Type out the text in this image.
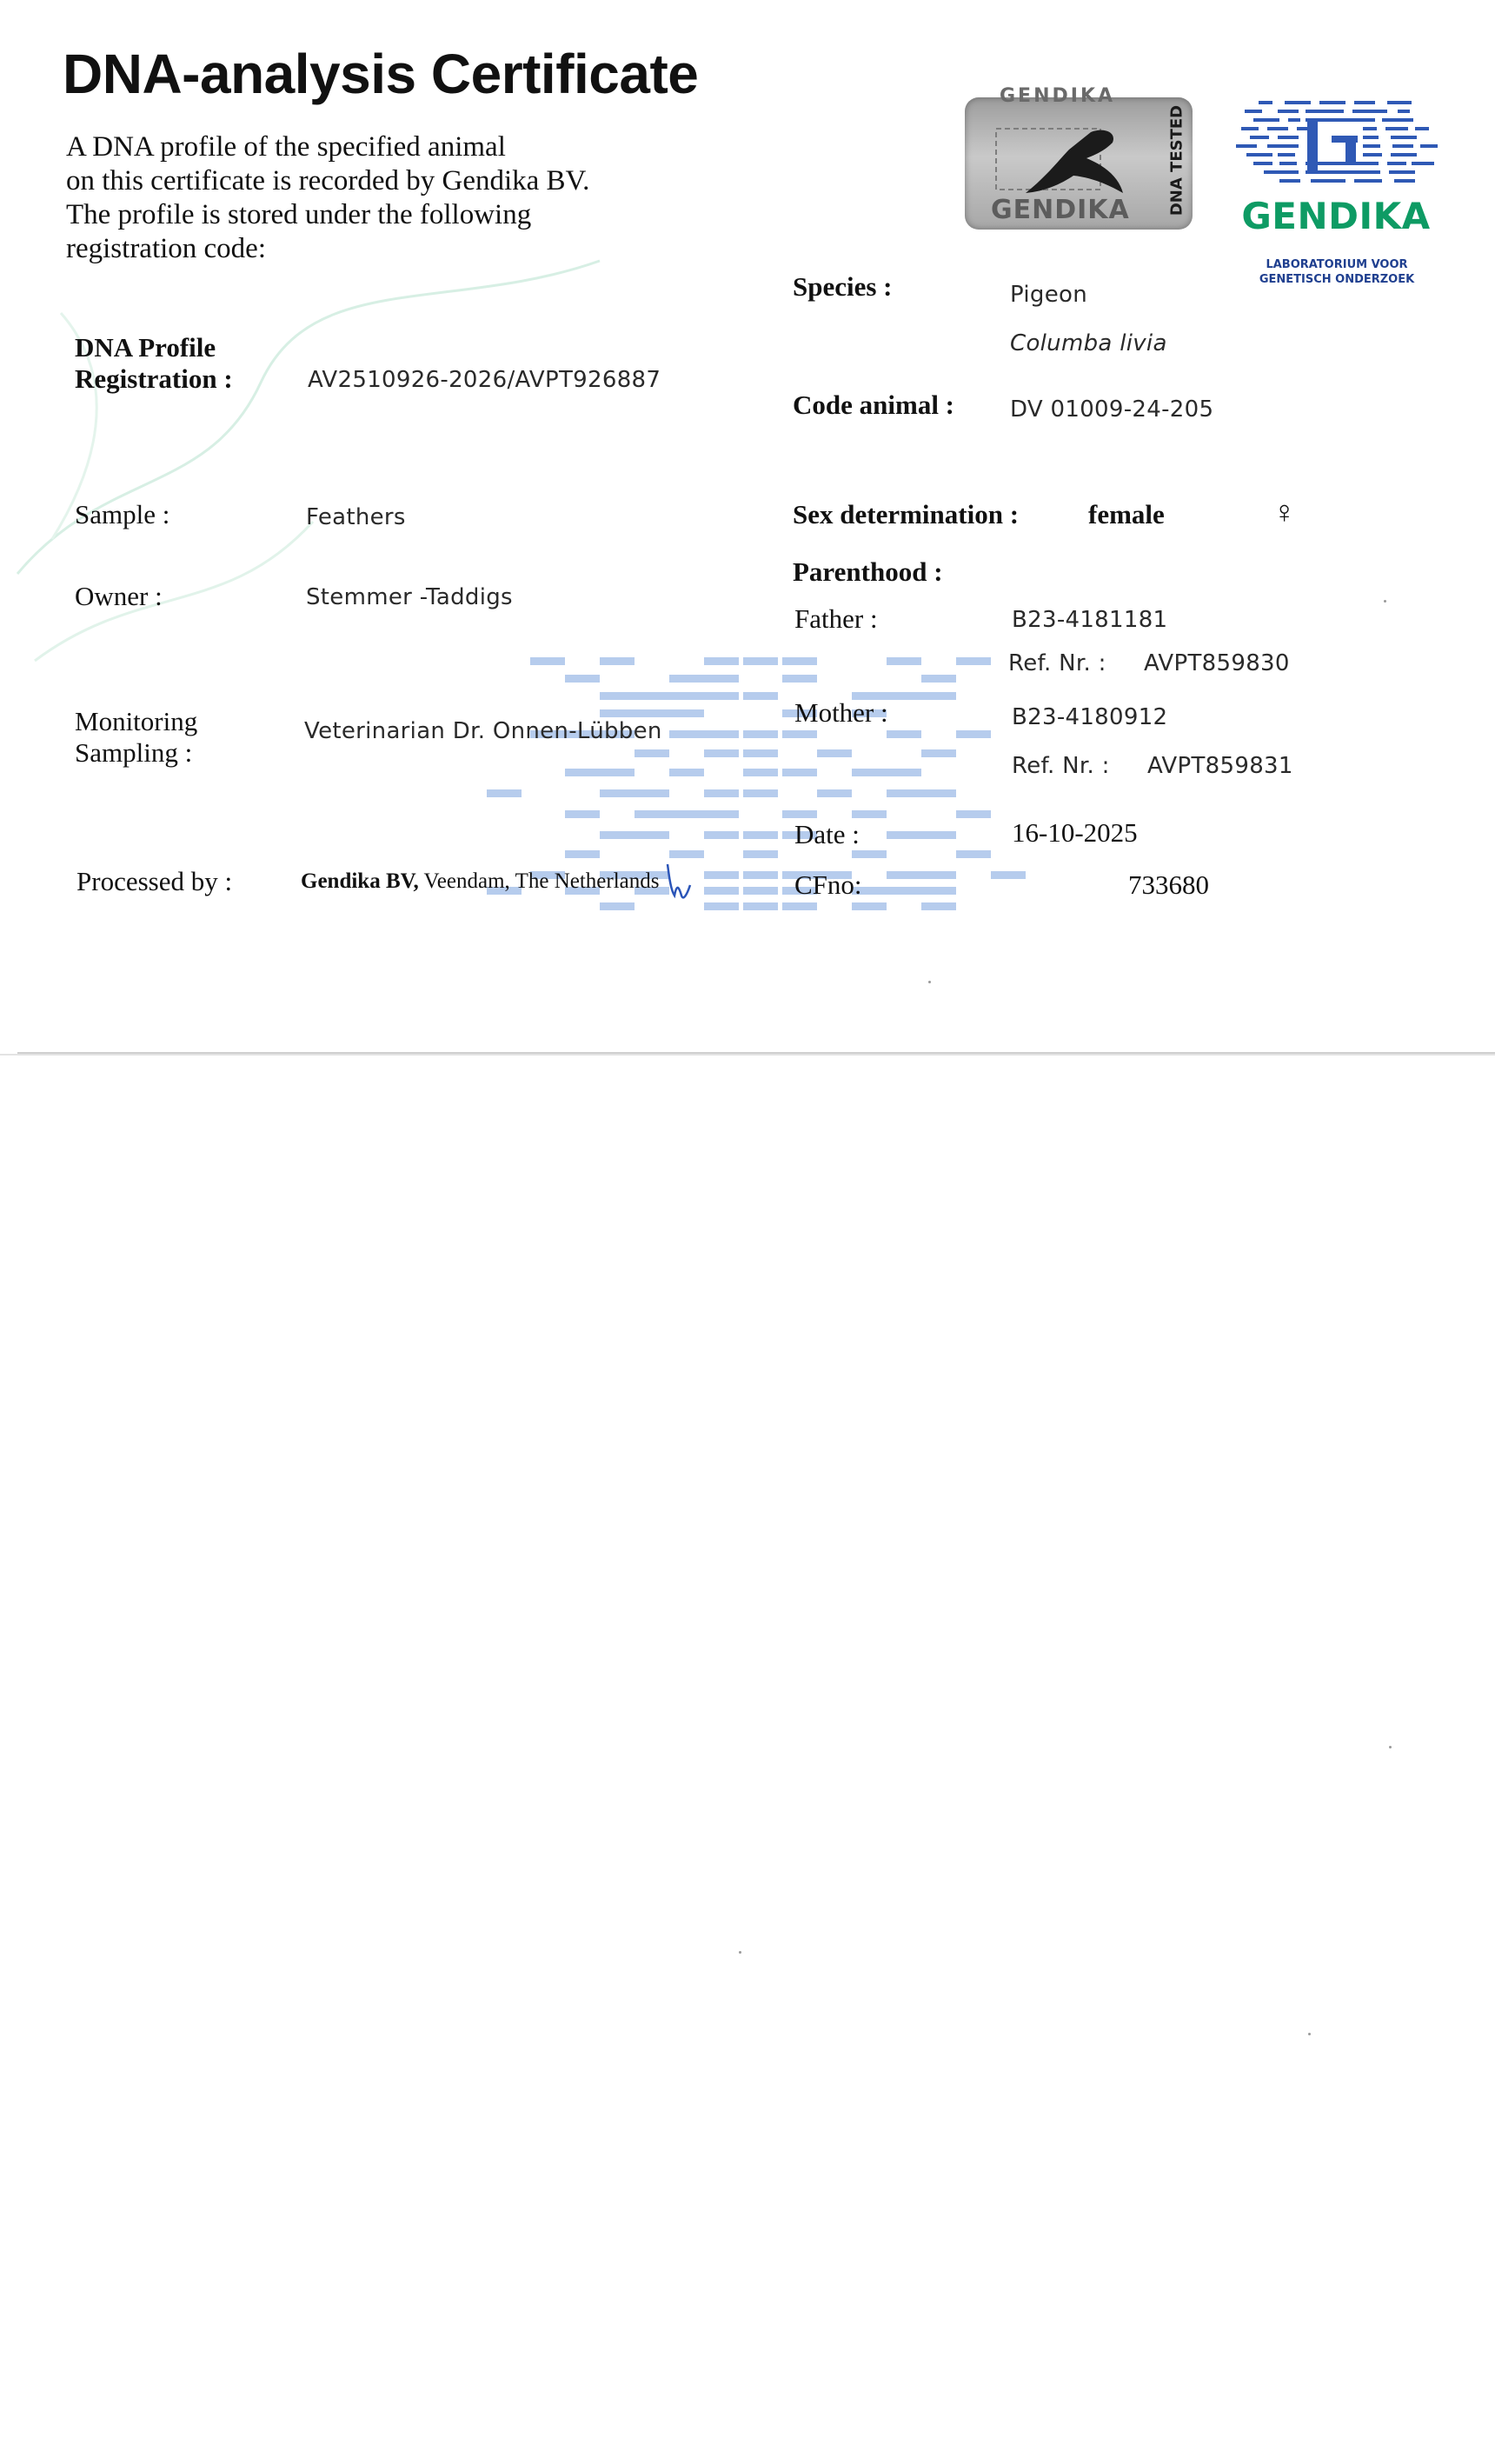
DNA-analysis Certificate
A DNA profile of the specified animal
on this certificate is recorded by Gendika BV.
The profile is stored under the following
registration code:
DNA Profile
Registration :	AV2510926-2026/AVPT926887
Sample :	Feathers
Owner :	Stemmer -Taddigs
Monitoring
Sampling :
Veterinarian Dr. Onnen-Lübben
Processed by :	Gendika BV, Veendam, The Netherlands
Species :	Pigeon
Columba livia
Code animal : DV 01009-24-205
Sex determination :	female	♀
Parenthood :
Father :	B23-4181181
Ref. Nr. : AVPT859830
Mother :	B23-4180912
Ref. Nr. : AVPT859831
Date :	16-10-2025
CFno:	733680
GENDIKA
GENDIKA
DNA TESTED
GENDIKA
LABORATORIUM VOOR
GENETISCH ONDERZOEK
